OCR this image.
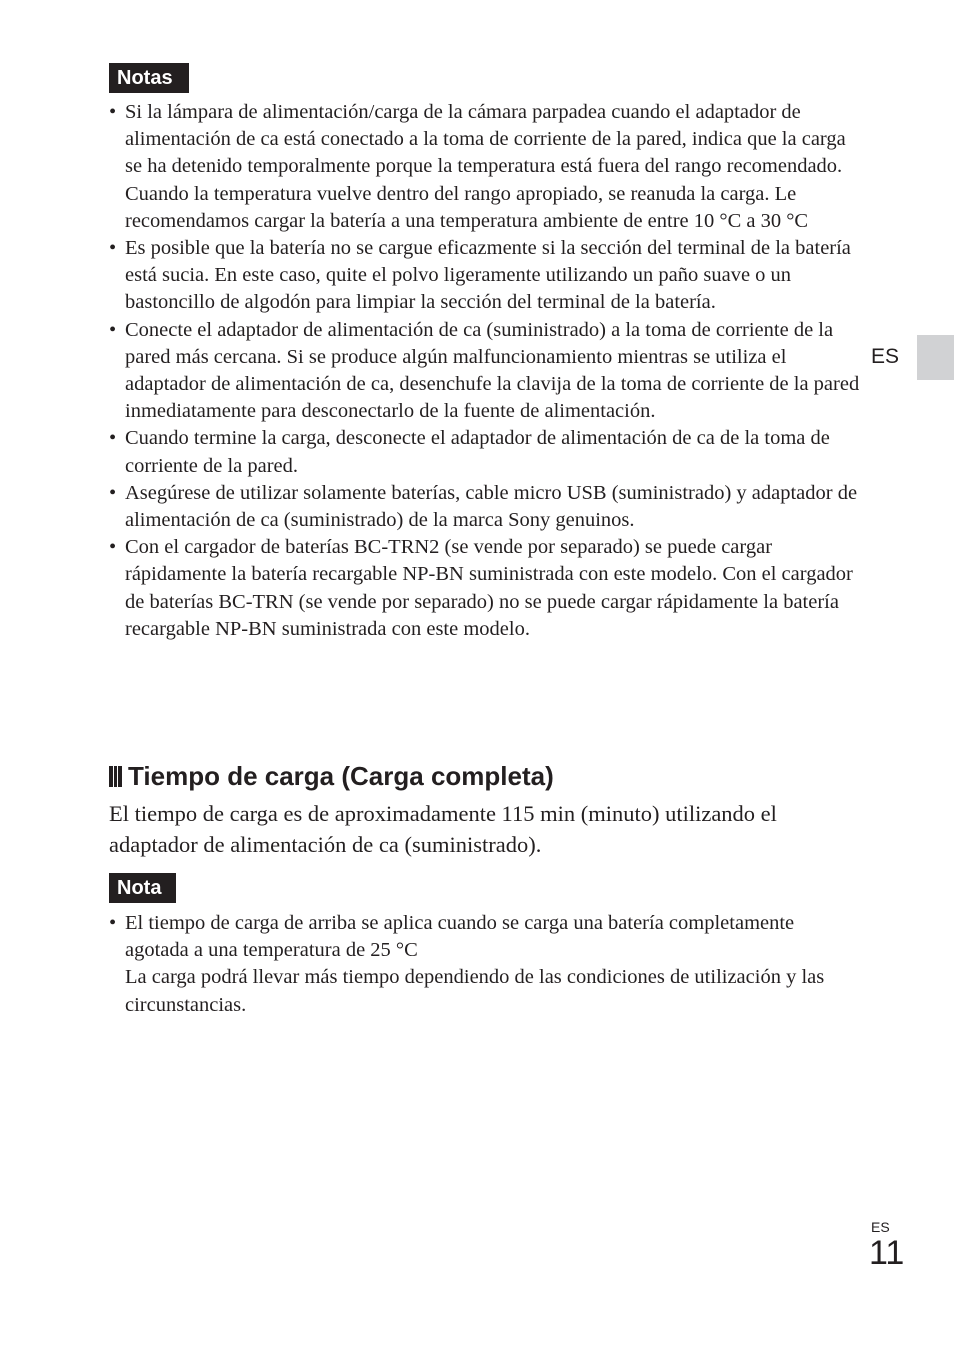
Notas
• Si la lámpara de alimentación/carga de la cámara parpadea cuando el adaptador de alimentación de ca está conectado a la toma de corriente de la pared, indica que la carga se ha detenido temporalmente porque la temperatura está fuera del rango recomendado. Cuando la temperatura vuelve dentro del rango apropiado, se reanuda la carga. Le recomendamos cargar la batería a una temperatura ambiente de entre 10 °C a 30 °C
• Es posible que la batería no se cargue eficazmente si la sección del terminal de la batería está sucia. En este caso, quite el polvo ligeramente utilizando un paño suave o un bastoncillo de algodón para limpiar la sección del terminal de la batería.
• Conecte el adaptador de alimentación de ca (suministrado) a la toma de corriente de la pared más cercana. Si se produce algún malfuncionamiento mientras se utiliza el adaptador de alimentación de ca, desenchufe la clavija de la toma de corriente de la pared inmediatamente para desconectarlo de la fuente de alimentación.
• Cuando termine la carga, desconecte el adaptador de alimentación de ca de la toma de corriente de la pared.
• Asegúrese de utilizar solamente baterías, cable micro USB (suministrado) y adaptador de alimentación de ca (suministrado) de la marca Sony genuinos.
• Con el cargador de baterías BC-TRN2 (se vende por separado) se puede cargar rápidamente la batería recargable NP-BN suministrada con este modelo. Con el cargador de baterías BC-TRN (se vende por separado) no se puede cargar rápidamente la batería recargable NP-BN suministrada con este modelo.
Tiempo de carga (Carga completa)

El tiempo de carga es de aproximadamente 115 min (minuto) utilizando el adaptador de alimentación de ca (suministrado).

Nota
• El tiempo de carga de arriba se aplica cuando se carga una batería completamente agotada a una temperatura de 25 °C
La carga podrá llevar más tiempo dependiendo de las condiciones de utilización y las circunstancias.
ES
ES
11
